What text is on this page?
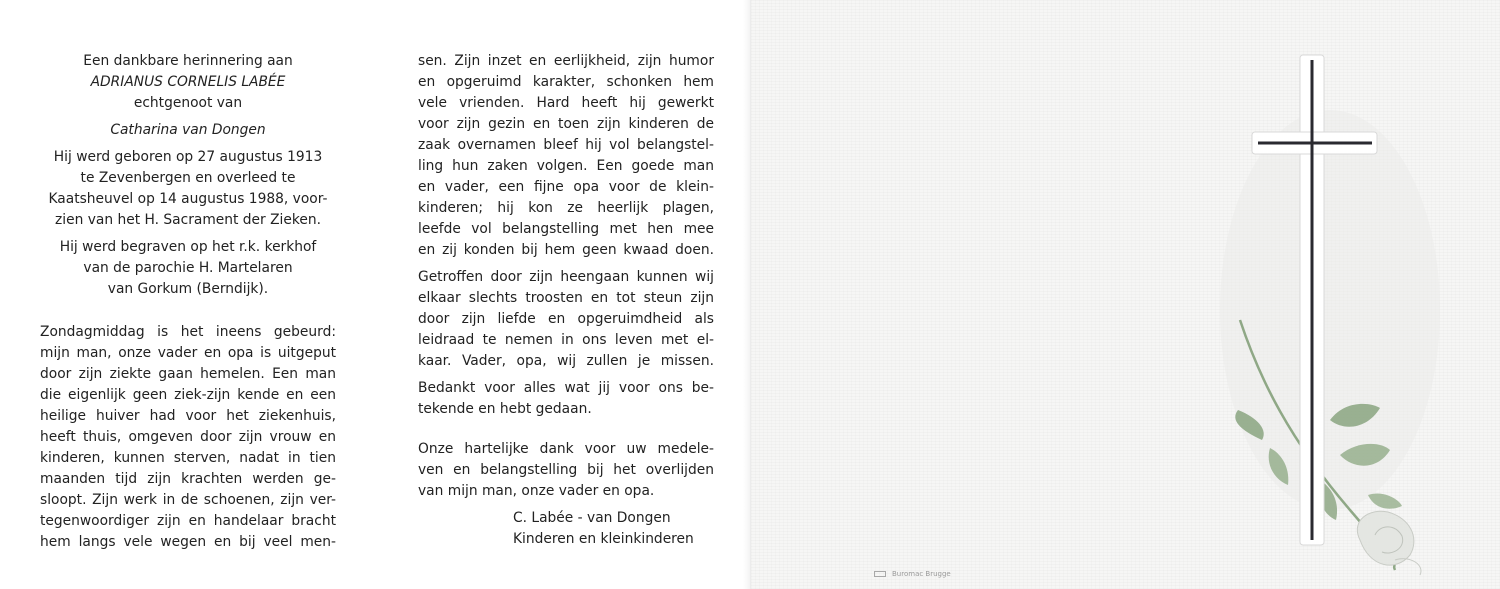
Een dankbare herinnering aan
ADRIANUS CORNELIS LABÉE
echtgenoot van
Catharina van Dongen
Hij werd geboren op 27 augustus 1913
te Zevenbergen en overleed te
Kaatsheuvel op 14 augustus 1988, voor-
zien van het H. Sacrament der Zieken.
Hij werd begraven op het r.k. kerkhof
van de parochie H. Martelaren
van Gorkum (Berndijk).
Zondagmiddag is het ineens gebeurd:
mijn man, onze vader en opa is uitgeput
door zijn ziekte gaan hemelen. Een man
die eigenlijk geen ziek-zijn kende en een
heilige huiver had voor het ziekenhuis,
heeft thuis, omgeven door zijn vrouw en
kinderen, kunnen sterven, nadat in tien
maanden tijd zijn krachten werden ge-
sloopt. Zijn werk in de schoenen, zijn ver-
tegenwoordiger zijn en handelaar bracht
hem langs vele wegen en bij veel men-
sen. Zijn inzet en eerlijkheid, zijn humor
en opgeruimd karakter, schonken hem
vele vrienden. Hard heeft hij gewerkt
voor zijn gezin en toen zijn kinderen de
zaak overnamen bleef hij vol belangstel-
ling hun zaken volgen. Een goede man
en vader, een fijne opa voor de klein-
kinderen; hij kon ze heerlijk plagen,
leefde vol belangstelling met hen mee
en zij konden bij hem geen kwaad doen.
Getroffen door zijn heengaan kunnen wij
elkaar slechts troosten en tot steun zijn
door zijn liefde en opgeruimdheid als
leidraad te nemen in ons leven met el-
kaar. Vader, opa, wij zullen je missen.
Bedankt voor alles wat jij voor ons be-
tekende en hebt gedaan.
Onze hartelijke dank voor uw medele-
ven en belangstelling bij het overlijden
van mijn man, onze vader en opa.
C. Labée - van Dongen
Kinderen en kleinkinderen
Buromac Brugge
